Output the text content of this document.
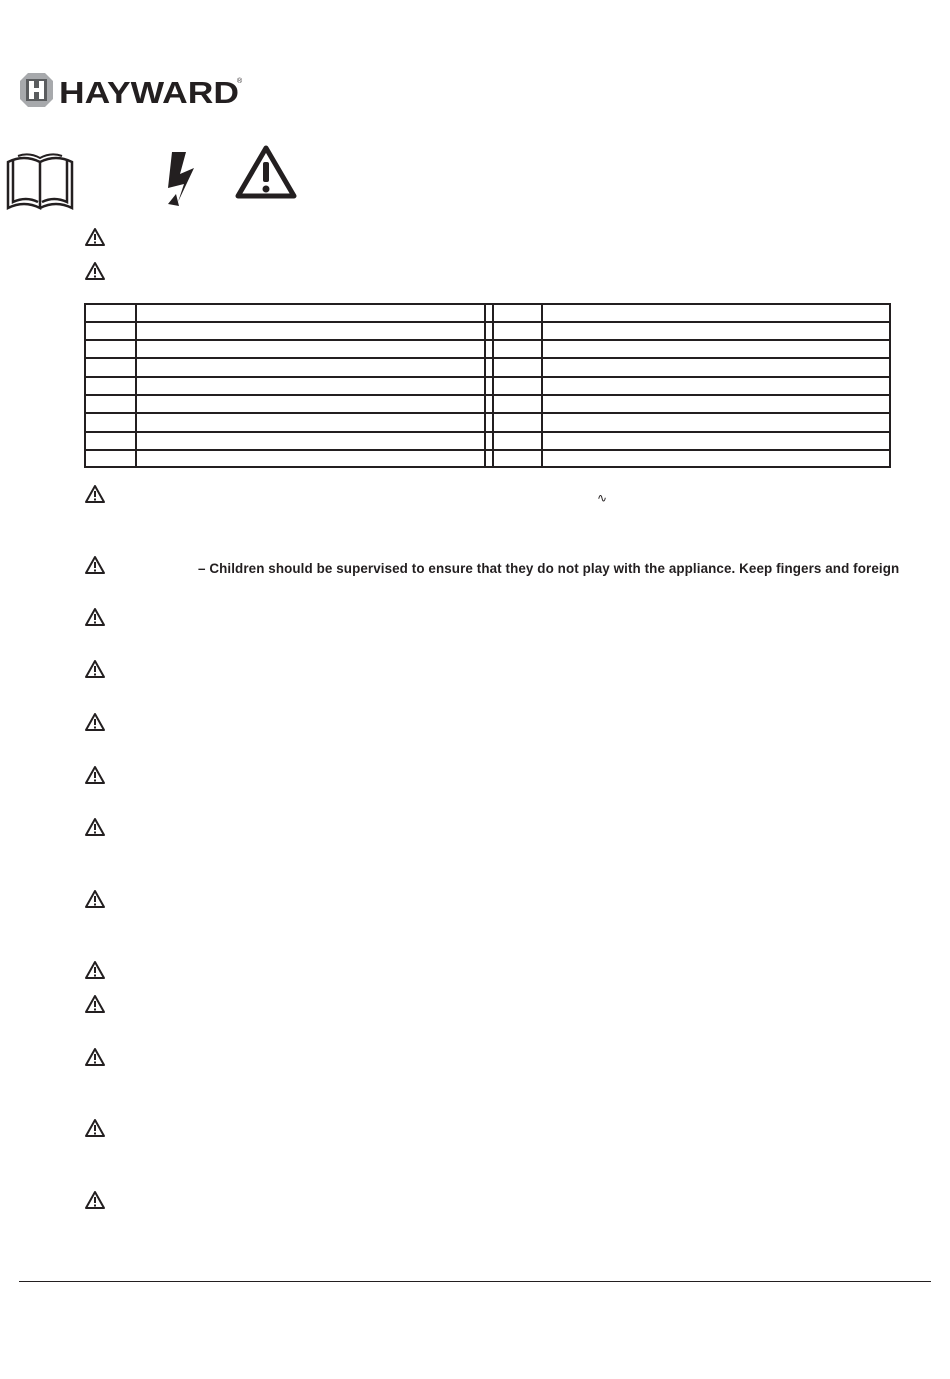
HAYWARD
®
∿
– Children should be supervised to ensure that they do not play with the appliance. Keep fingers and foreign
